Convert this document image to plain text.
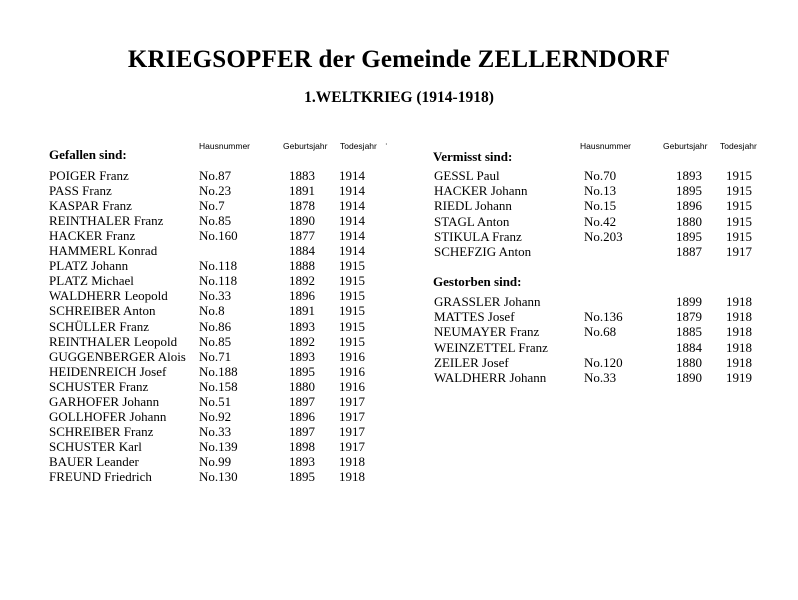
KRIEGSOPFER der Gemeinde ZELLERNDORF
1.WELTKRIEG (1914-1918)
Hausnummer	Geburtsjahr Todesjahr ·	Hausnummer	Geburtsjahr Todesjahr
Gefallen sind:	Vermisst sind:
Gestorben sind:
POIGER Franz	No.87	1883 1914
PASS Franz	No.23	1891 1914
KASPAR Franz	No.7	1878 1914
REINTHALER Franz	No.85	1890 1914
HACKER Franz	No.160	1877 1914
HAMMERL Konrad	1884 1914
PLATZ Johann	No.118	1888 1915
PLATZ Michael	No.118	1892 1915
WALDHERR Leopold No.33	1896 1915
SCHREIBER Anton	No.8	1891 1915
SCHÜLLER Franz	No.86	1893 1915
REINTHALER Leopold No.85	1892 1915
GUGGENBERGER Alois No.71	1893 1916
HEIDENREICH Josef	No.188	1895 1916
SCHUSTER Franz	No.158	1880 1916
GARHOFER Johann	No.51	1897 1917
GOLLHOFER Johann	No.92	1896 1917
SCHREIBER Franz	No.33	1897 1917
SCHUSTER Karl	No.139	1898 1917
BAUER Leander	No.99	1893 1918
FREUND Friedrich	No.130	1895 1918
GESSL Paul	No.70	1893 1915
HACKER Johann	No.13	1895 1915
RIEDL Johann	No.15	1896 1915
STAGL Anton	No.42	1880 1915
STIKULA Franz	No.203	1895 1915
SCHEFZIG Anton	1887 1917
GRASSLER Johann	1899 1918
MATTES Josef	No.136	1879 1918
NEUMAYER Franz	No.68	1885 1918
WEINZETTEL Franz	1884 1918
ZEILER Josef	No.120	1880 1918
WALDHERR Johann	No.33	1890 1919
